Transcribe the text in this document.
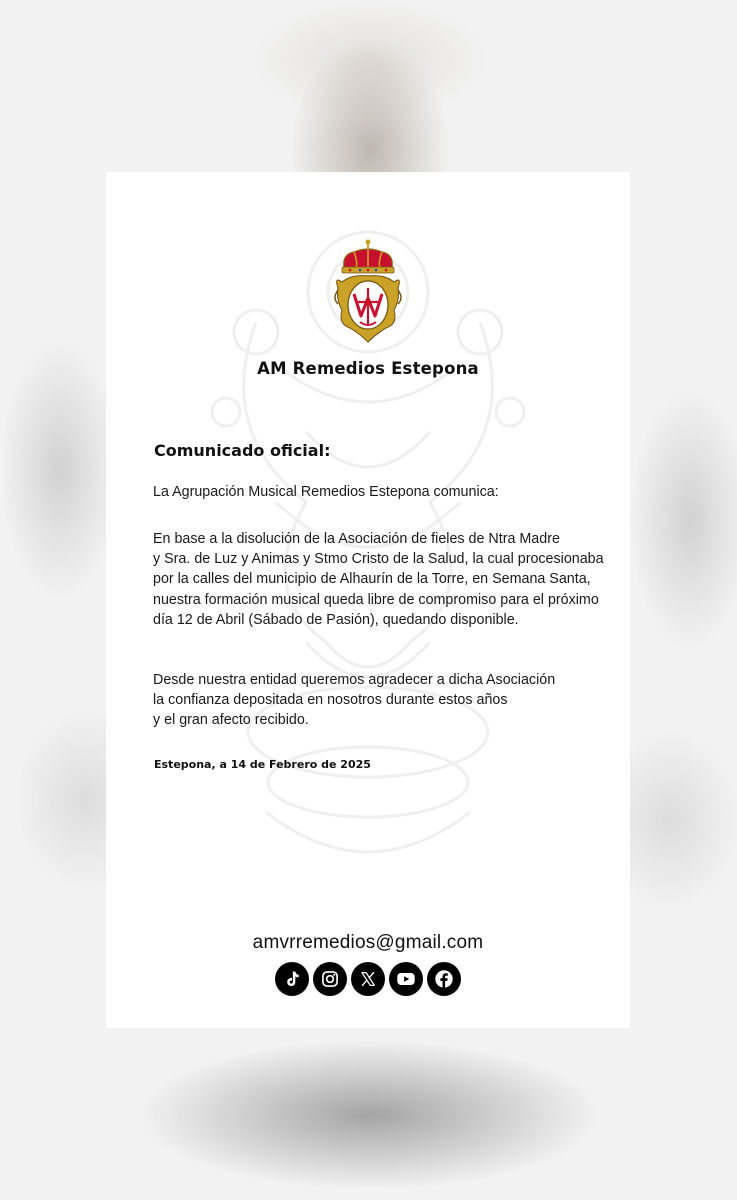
AM Remedios Estepona
Comunicado oficial:
La Agrupación Musical Remedios Estepona comunica:
En base a la disolución de la Asociación de fieles de Ntra Madre
y Sra. de Luz y Animas y Stmo Cristo de la Salud, la cual procesionaba
por la calles del municipio de Alhaurín de la Torre, en Semana Santa,
nuestra formación musical queda libre de compromiso para el próximo
día 12 de Abril (Sábado de Pasión), quedando disponible.
Desde nuestra entidad queremos agradecer a dicha Asociación
la confianza depositada en nosotros durante estos años
y el gran afecto recibido.
Estepona, a 14 de Febrero de 2025
amvrremedios@gmail.com
